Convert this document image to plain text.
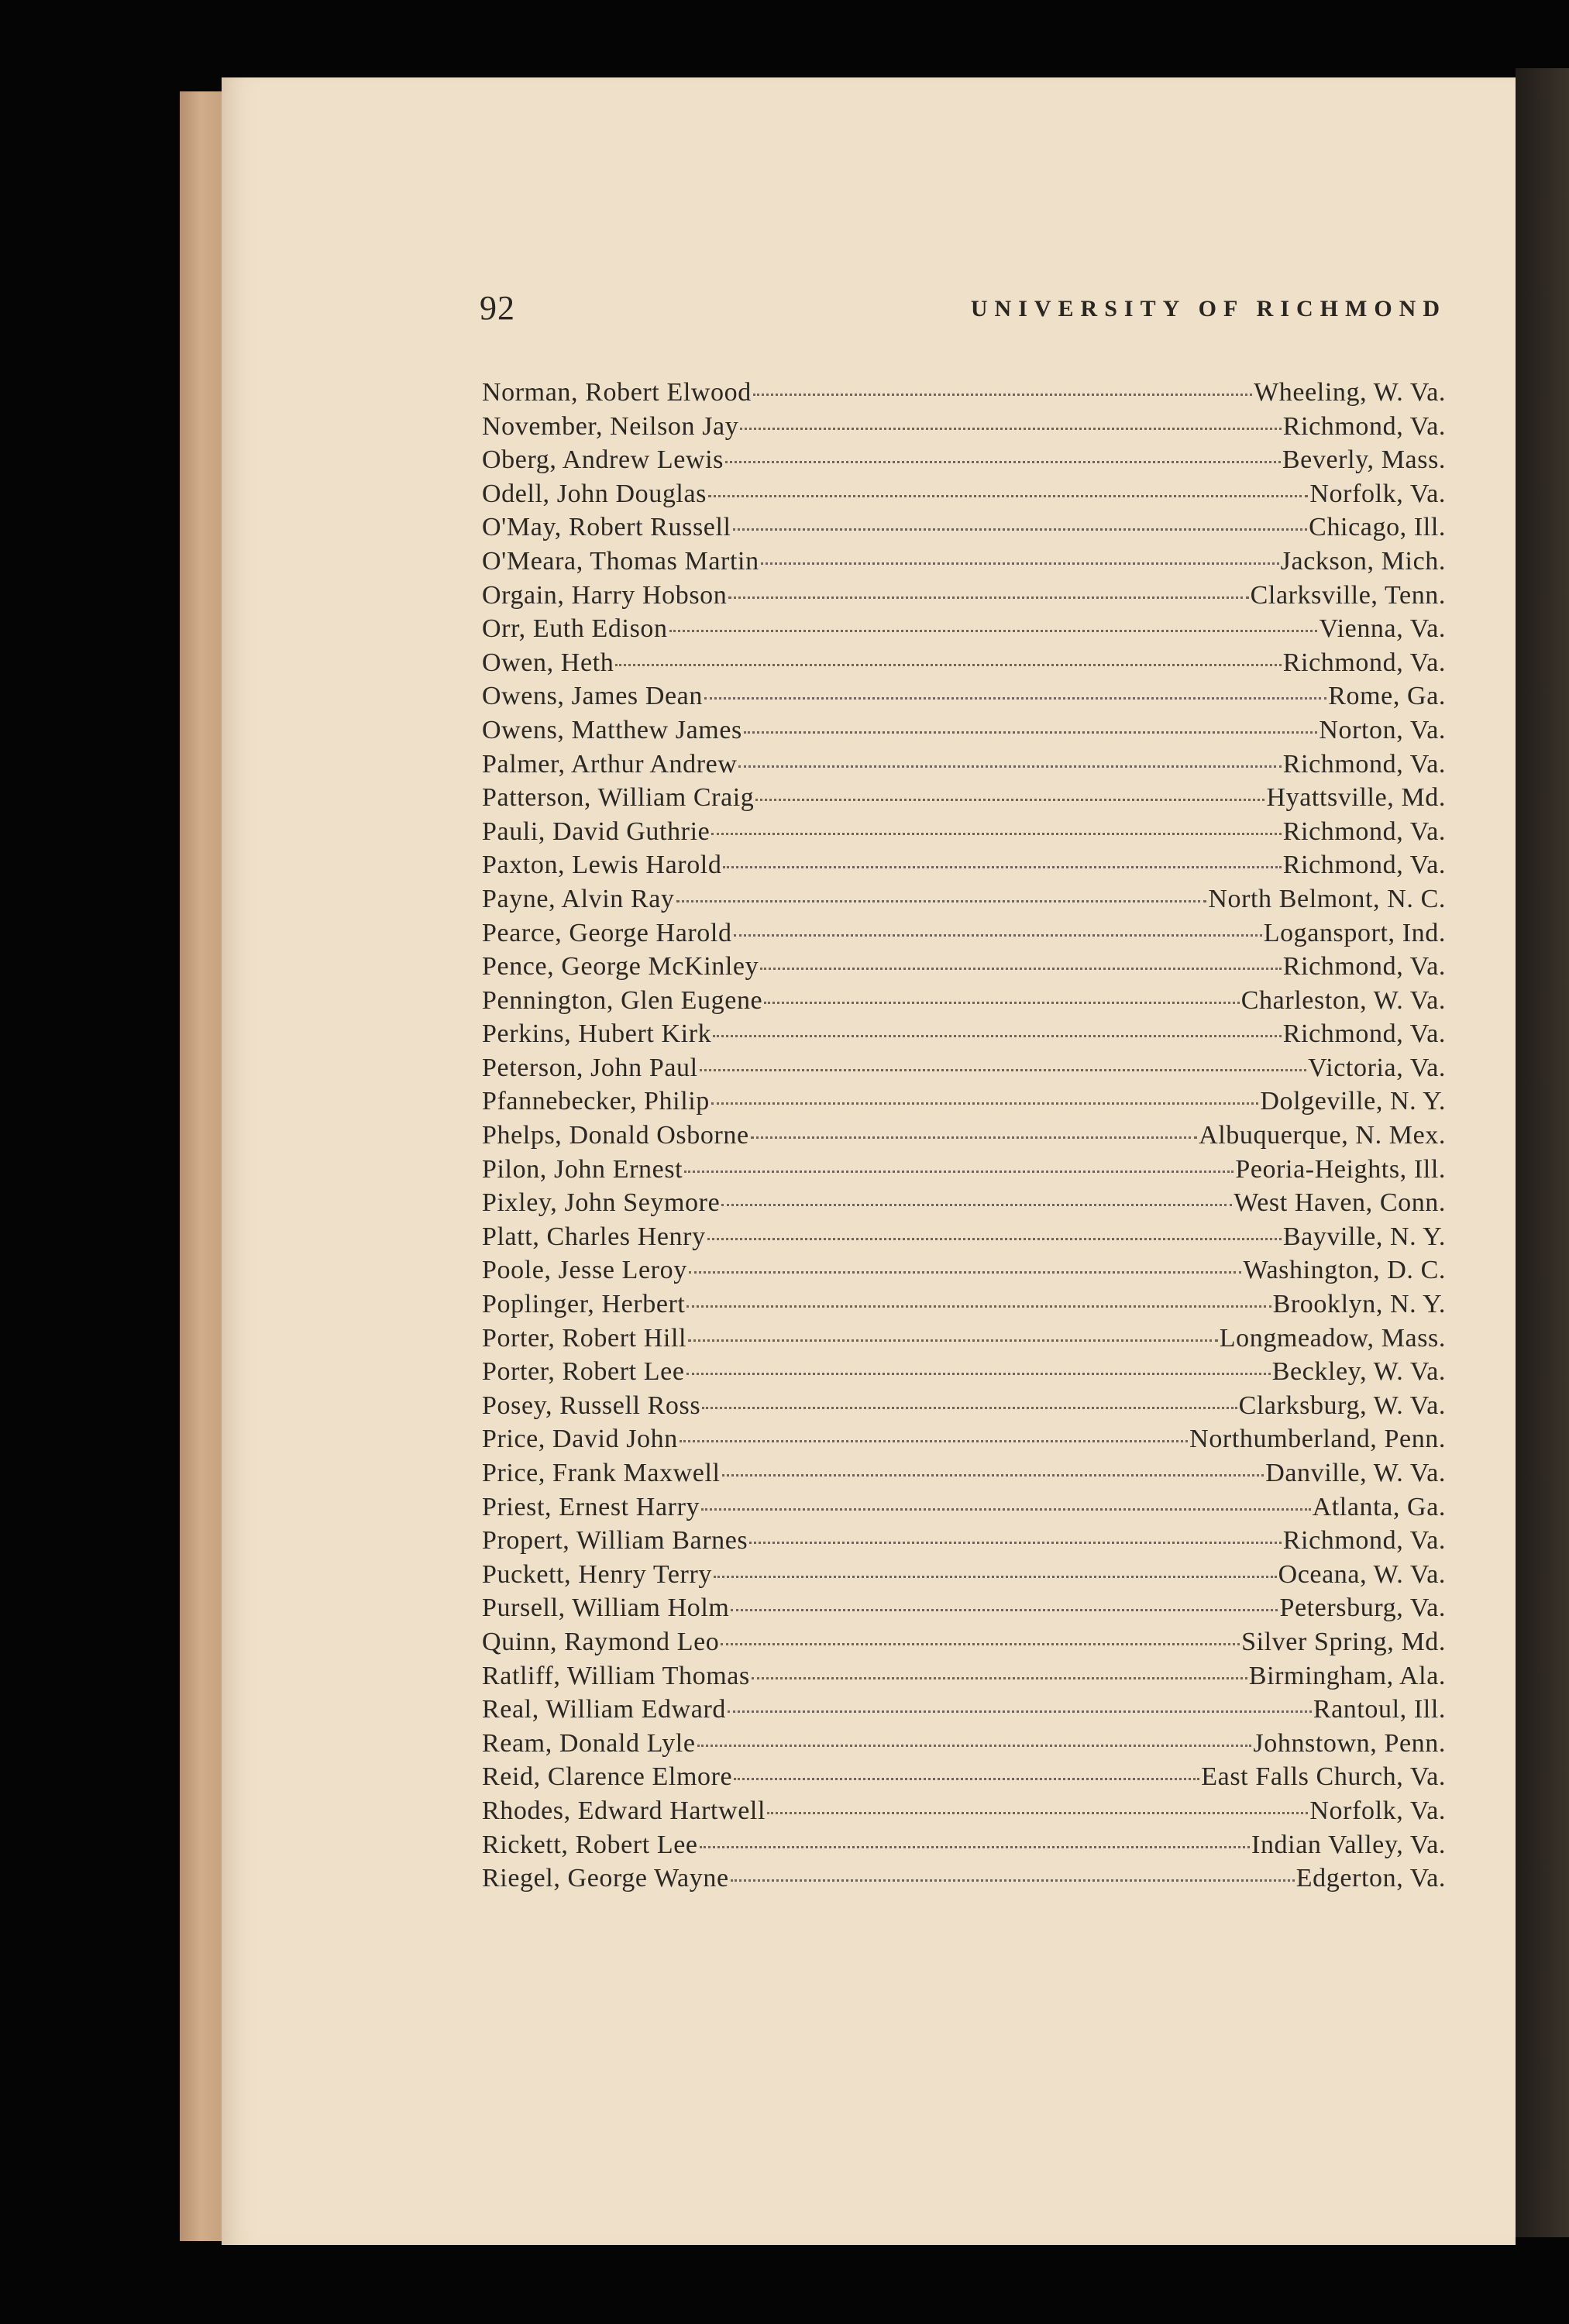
92	UNIVERSITY OF RICHMOND
Norman, Robert Elwood	Wheeling, W. Va.
November, Neilson Jay	Richmond, Va.
Oberg, Andrew Lewis	Beverly, Mass.
Odell, John Douglas	Norfolk, Va.
O'May, Robert Russell	Chicago, Ill.
O'Meara, Thomas Martin	Jackson, Mich.
Orgain, Harry Hobson	Clarksville, Tenn.
Orr, Euth Edison	Vienna, Va.
Owen, Heth	Richmond, Va.
Owens, James Dean	Rome, Ga.
Owens, Matthew James	Norton, Va.
Palmer, Arthur Andrew	Richmond, Va.
Patterson, William Craig	Hyattsville, Md.
Pauli, David Guthrie	Richmond, Va.
Paxton, Lewis Harold	Richmond, Va.
Payne, Alvin Ray	North Belmont, N. C.
Pearce, George Harold	Logansport, Ind.
Pence, George McKinley	Richmond, Va.
Pennington, Glen Eugene	Charleston, W. Va.
Perkins, Hubert Kirk	Richmond, Va.
Peterson, John Paul	Victoria, Va.
Pfannebecker, Philip	Dolgeville, N. Y.
Phelps, Donald Osborne	Albuquerque, N. Mex.
Pilon, John Ernest	Peoria-Heights, Ill.
Pixley, John Seymore	West Haven, Conn.
Platt, Charles Henry	Bayville, N. Y.
Poole, Jesse Leroy	Washington, D. C.
Poplinger, Herbert	Brooklyn, N. Y.
Porter, Robert Hill	Longmeadow, Mass.
Porter, Robert Lee	Beckley, W. Va.
Posey, Russell Ross	Clarksburg, W. Va.
Price, David John	Northumberland, Penn.
Price, Frank Maxwell	Danville, W. Va.
Priest, Ernest Harry	Atlanta, Ga.
Propert, William Barnes	Richmond, Va.
Puckett, Henry Terry	Oceana, W. Va.
Pursell, William Holm	Petersburg, Va.
Quinn, Raymond Leo	Silver Spring, Md.
Ratliff, William Thomas	Birmingham, Ala.
Real, William Edward	Rantoul, Ill.
Ream, Donald Lyle	Johnstown, Penn.
Reid, Clarence Elmore	East Falls Church, Va.
Rhodes, Edward Hartwell	Norfolk, Va.
Rickett, Robert Lee	Indian Valley, Va.
Riegel, George Wayne	Edgerton, Va.
